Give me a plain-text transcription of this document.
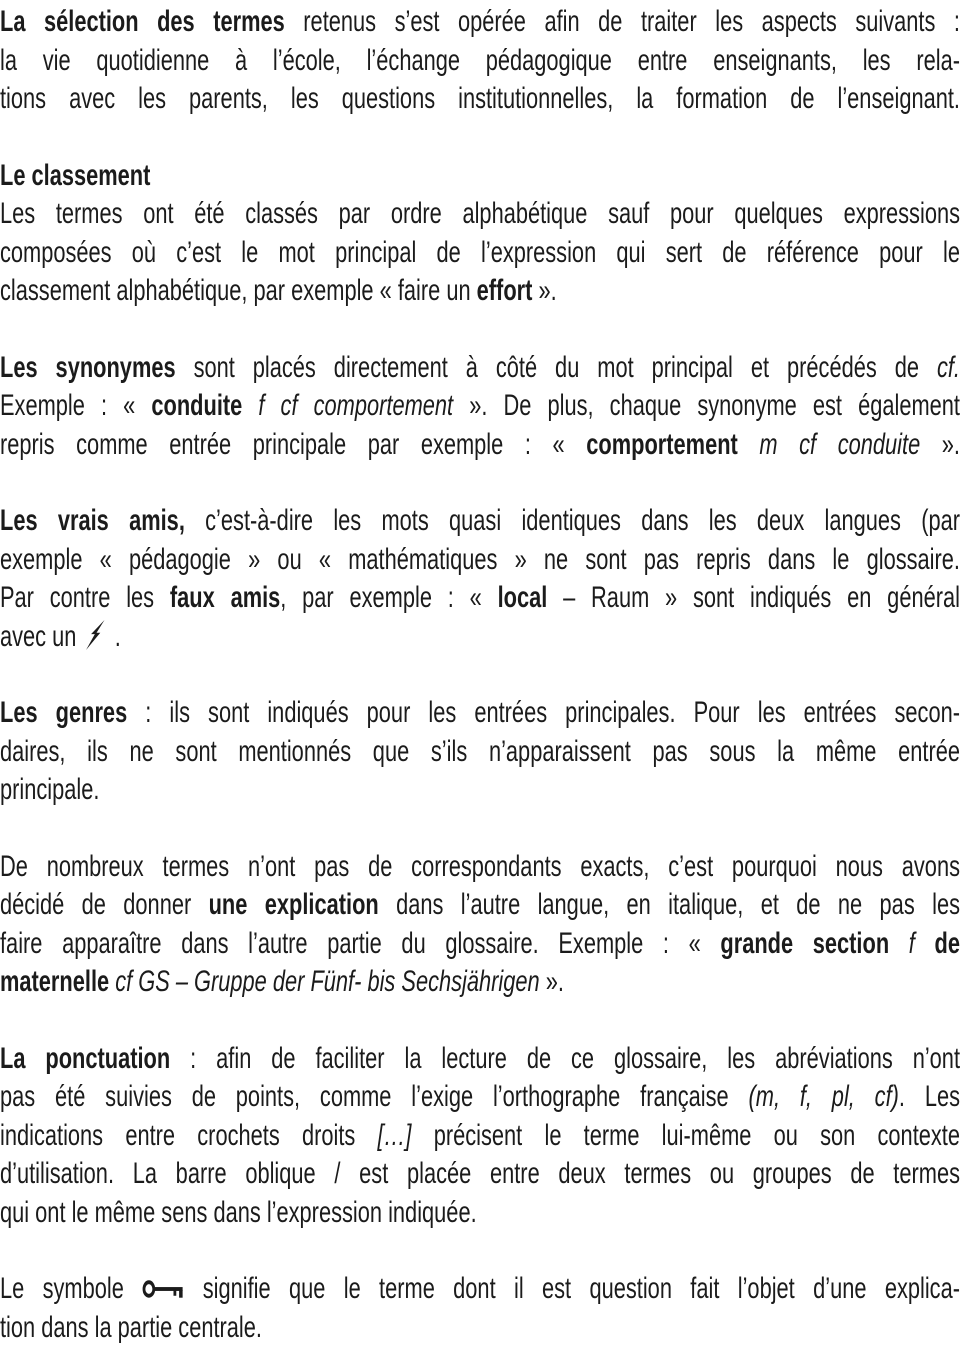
La sélection des termes retenus s’est opérée afin de traiter les aspects suivants :
la vie quotidienne à l’école, l’échange pédagogique entre enseignants, les rela-
tions avec les parents, les questions institutionnelles, la formation de l’enseignant.
Le classement
Les termes ont été classés par ordre alphabétique sauf pour quelques expressions
composées où c’est le mot principal de l’expression qui sert de référence pour le
classement alphabétique, par exemple « faire un effort ».
Les synonymes sont placés directement à côté du mot principal et précédés de cf.
Exemple : « conduite f cf comportement ». De plus, chaque synonyme est également
repris comme entrée principale par exemple : « comportement m cf conduite ».
Les vrais amis, c’est-à-dire les mots quasi identiques dans les deux langues (par
exemple « pédagogie » ou « mathématiques » ne sont pas repris dans le glossaire.
Par contre les faux amis, par exemple : « local – Raum » sont indiqués en général
avec un
.
Les genres : ils sont indiqués pour les entrées principales. Pour les entrées secon-
daires, ils ne sont mentionnés que s’ils n’apparaissent pas sous la même entrée
principale.
De nombreux termes n’ont pas de correspondants exacts, c’est pourquoi nous avons
décidé de donner une explication dans l’autre langue, en italique, et de ne pas les
faire apparaître dans l’autre partie du glossaire. Exemple : « grande section f de
maternelle cf GS – Gruppe der Fünf- bis Sechsjährigen ».
La ponctuation : afin de faciliter la lecture de ce glossaire, les abréviations n’ont
pas été suivies de points, comme l’exige l’orthographe française (m, f, pl, cf). Les
indications entre crochets droits […] précisent le terme lui-même ou son contexte
d’utilisation. La barre oblique / est placée entre deux termes ou groupes de termes
qui ont le même sens dans l’expression indiquée.
Le symbole
signifie que le terme dont il est question fait l’objet d’une explica-
tion dans la partie centrale.
